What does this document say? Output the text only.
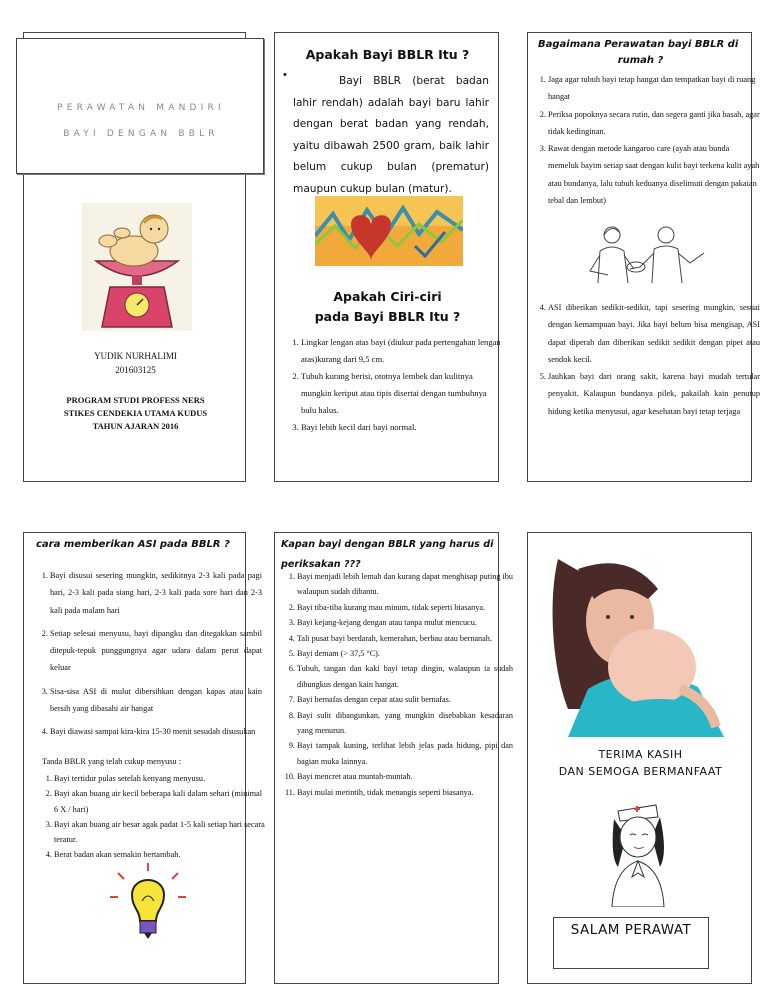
YUDIK NURHALIMI
201603125
PROGRAM STUDI PROFESS NERS
STIKES CENDEKIA UTAMA KUDUS
TAHUN AJARAN 2016
PERAWATAN MANDIRI
BAYI DENGAN BBLR
Apakah Bayi BBLR Itu ?
•	Bayi BBLR (berat badan lahir rendah) adalah bayi baru lahir dengan berat badan yang rendah, yaitu dibawah 2500 gram, baik lahir belum cukup bulan (prematur) maupun cukup bulan (matur).
Apakah Ciri-ciri
pada Bayi BBLR Itu ?
1. Lingkar lengan atas bayi (diukur pada pertengahan lengan atas)kurang dari 9,5 cm.
2. Tubuh kurang berisi, ototnya lembek dan kulitnya mungkin keriput atau tipis disertai dengan tumbuhnya bulu halus.
3. Bayi lebih kecil dari bayi normal.
Bagaimana Perawatan bayi BBLR di
rumah ?
1. Jaga agar tubuh bayi tetap hangat dan tempatkan bayi di ruang hangat
2. Periksa popoknya secara rutin, dan segera ganti jika basah, agar tidak kedinginan.
3. Rawat dengan metode kangaroo care (ayah atau bunda memeluk bayim setiap saat dengan kulit bayi terkena kulit ayah atau bundanya, lalu tubuh keduanya diselimuti dengan pakaian tebal dan lembut)
4. ASI diberikan sedikit-sedikit, tapi sesering mungkin, sesuai dengan kemampuan bayi. Jika bayi belum bisa mengisap, ASI dapat diperah dan diberikan sedikit sedikit dengan pipet atau sendok kecil.
5. Jauhkan bayi dari orang sakit, karena bayi mudah tertular penyakit. Kalaupun bundanya pilek, pakailah kain penutup hidung ketika menyusui, agar kesehatan bayi tetap terjaga
cara memberikan ASI pada BBLR ?
1. Bayi disusui sesering mungkin, sedikitnya 2-3 kali pada pagi hari, 2-3 kali pada siang hari, 2-3 kali pada sore hari dan 2-3 kali pada malam hari
2. Setiap selesai menyusu, bayi dipangku dan ditegakkan sambil ditepuk-tepuk punggungnya agar udara dalam perut dapat keluar
3. Sisa-sisa ASI di mulut dibersihkan dengan kapas atau kain bersih yang dibasahi air hangat
4. Bayi diawasi sampai kira-kira 15-30 menit sesudah disusukan
Tanda BBLR yang telah cukup menyusu :
1. Bayi tertidur pulas setelah kenyang menyusu.
2. Bayi akan buang air kecil beberapa kali dalam sehari (minimal 6 X / hari)
3. Bayi akan buang air besar agak padat 1-5 kali setiap hari secara teratur.
4. Berat badan akan semakin bertambah.
Kapan bayi dengan BBLR yang harus di
periksakan ???
1. Bayi menjadi lebih lemah dan kurang dapat menghisap puting ibu walaupun sudah dibantu.
2. Bayi tiba-tiba kurang mau minum, tidak seperti biasanya.
3. Bayi kejang-kejang dengan atau tanpa mulut mencucu.
4. Tali pusat bayi berdarah, kemerahan, berbau atau bernanah.
5. Bayi demam (> 37,5 °C).
6. Tubuh, tangan dan kaki bayi tetap dingin, walaupun ia sudah dibungkus dengan kain hangat.
7. Bayi bernafas dengan cepat atau sulit bernafas.
8. Bayi sulit dibangunkan, yang mungkin disebabkan kesadaran yang menurun.
9. Bayi tampak kuning, terlihat lebih jelas pada hidung, pipi dan bagian muka lainnya.
10. Bayi mencret atau muntah-muntah.
11. Bayi mulai merintih, tidak menangis seperti biasanya.
TERIMA KASIH
DAN SEMOGA BERMANFAAT
SALAM PERAWAT
